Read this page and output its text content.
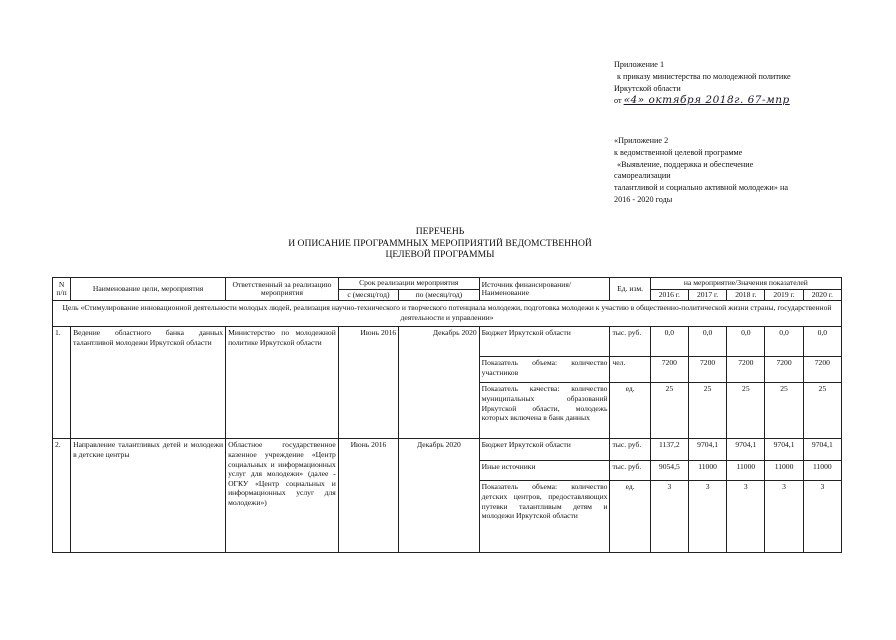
Приложение 1
к приказу министерства по молодежной политике
Иркутской области
от «4» октября 2018г. 67-мпр
«Приложение 2
к ведомственной целевой программе
«Выявление, поддержка и обеспечение
самореализации
талантливой и социально активной молодежи» на
2016 - 2020 годы
ПЕРЕЧЕНЬ
И ОПИСАНИЕ ПРОГРАММНЫХ МЕРОПРИЯТИЙ ВЕДОМСТВЕННОЙ
ЦЕЛЕВОЙ ПРОГРАММЫ
N п/п	Наименование цели, мероприятия	Ответственный за реализацию мероприятия	Срок реализации мероприятия		Источник финансирования/Наименование	Ед. изм.	на мероприятие/Значения показателей				
			с (месяц/год)	по (месяц/год)			2016 г.	2017 г.	2018 г.	2019 г.	2020 г.
Цель «Стимулирование инновационной деятельности молодых людей, реализация научно-технического и творческого потенциала молодежи, подготовка молодежи к участию в общественно-политической жизни страны, государственной деятельности и управлении»											
1.	Ведение областного банка данных талантливой молодежи Иркутской области	Министерство по молодежной политике Иркутской области	Июнь 2016	Декабрь 2020	Бюджет Иркутской области	тыс. руб.	0,0	0,0	0,0	0,0	0,0
					Показатель объема: количество участников	чел.	7200	7200	7200	7200	7200
					Показатель качества: количество муниципальных образований Иркутской области, молодежь которых включена в банк данных	ед.	25	25	25	25	25
2.	Направление талантливых детей и молодежи в детские центры	Областное государственное казенное учреждение «Центр социальных и информационных услуг для молодежи» (далее - ОГКУ «Центр социальных и информационных услуг для молодежи»)	Июнь 2016	Декабрь 2020	Бюджет Иркутской области	тыс. руб.	1137,2	9704,1	9704,1	9704,1	9704,1
					Иные источники	тыс. руб.	9054,5	11000	11000	11000	11000
					Показатель объема: количество детских центров, предоставляющих путевки талантливым детям и молодежи Иркутской области	ед.	3	3	3	3	3
